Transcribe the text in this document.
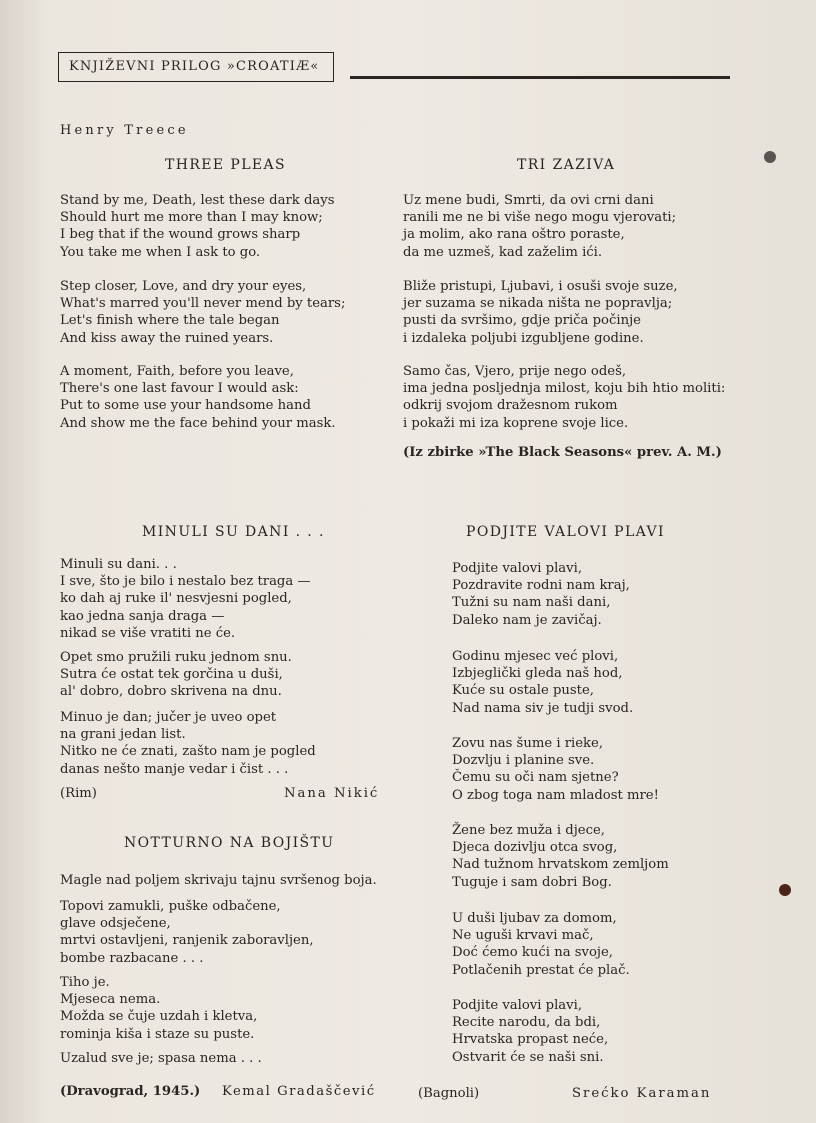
KNJIŽEVNI PRILOG »CROATIÆ«
Henry Treece
THREE PLEAS	TRI ZAZIVA
Stand by me, Death, lest these dark days
Should hurt me more than I may know;
I beg that if the wound grows sharp
You take me when I ask to go.
Step closer, Love, and dry your eyes,
What's marred you'll never mend by tears;
Let's finish where the tale began
And kiss away the ruined years.
A moment, Faith, before you leave,
There's one last favour I would ask:
Put to some use your handsome hand
And show me the face behind your mask.
Uz mene budi, Smrti, da ovi crni dani
ranili me ne bi više nego mogu vjerovati;
ja molim, ako rana oštro poraste,
da me uzmeš, kad zaželim ići.
Bliže pristupi, Ljubavi, i osuši svoje suze,
jer suzama se nikada ništa ne popravlja;
pusti da svršimo, gdje priča počinje
i izdaleka poljubi izgubljene godine.
Samo čas, Vjero, prije nego odeš,
ima jedna posljednja milost, koju bih htio moliti:
odkrij svojom dražesnom rukom
i pokaži mi iza koprene svoje lice.
(Iz zbirke »The Black Seasons« prev. A. M.)
MINULI SU DANI . . .
Minuli su dani. . .
I sve, što je bilo i nestalo bez traga —
ko dah aj ruke il' nesvjesni pogled,
kao jedna sanja draga —
nikad se više vratiti ne će.
Opet smo pružili ruku jednom snu.
Sutra će ostat tek gorčina u duši,
al' dobro, dobro skrivena na dnu.
Minuo je dan; jučer je uveo opet
na grani jedan list.
Nitko ne će znati, zašto nam je pogled
danas nešto manje vedar i čist . . .
(Rim)	Nana Nikić
NOTTURNO NA BOJIŠTU
Magle nad poljem skrivaju tajnu svršenog boja.
Topovi zamukli, puške odbačene,
glave odsječene,
mrtvi ostavljeni, ranjenik zaboravljen,
bombe razbacane . . .
Tiho je.
Mjeseca nema.
Možda se čuje uzdah i kletva,
rominja kiša i staze su puste.
Uzalud sve je; spasa nema . . .
(Dravograd, 1945.) Kemal Gradaščević
PODJITE VALOVI PLAVI
Podjite valovi plavi,
Pozdravite rodni nam kraj,
Tužni su nam naši dani,
Daleko nam je zavičaj.
Godinu mjesec već plovi,
Izbjeglički gleda naš hod,
Kuće su ostale puste,
Nad nama siv je tudji svod.
Zovu nas šume i rieke,
Dozvlju i planine sve.
Čemu su oči nam sjetne?
O zbog toga nam mladost mre!
Žene bez muža i djece,
Djeca dozivlju otca svog,
Nad tužnom hrvatskom zemljom
Tuguje i sam dobri Bog.
U duši ljubav za domom,
Ne uguši krvavi mač,
Doć ćemo kući na svoje,
Potlačenih prestat će plač.
Podjite valovi plavi,
Recite narodu, da bdi,
Hrvatska propast neće,
Ostvarit će se naši sni.
(Bagnoli)	Srećko Karaman
